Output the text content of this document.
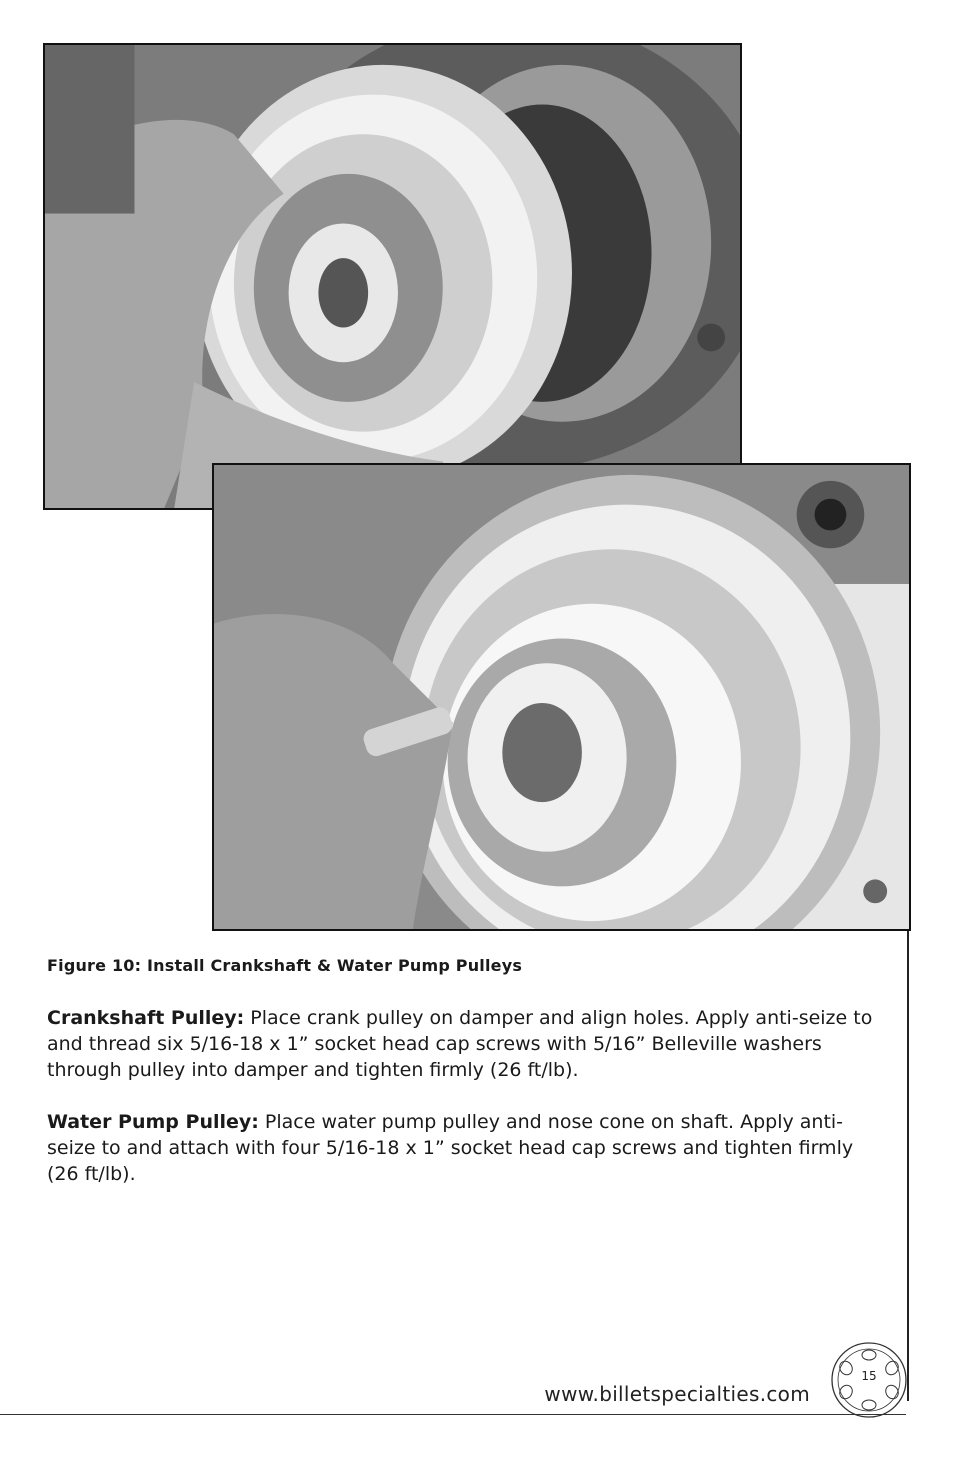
Figure 10: Install Crankshaft & Water Pump Pulleys

Crankshaft Pulley: Place crank pulley on damper and align holes. Apply anti-seize to and thread six 5/16-18 x 1” socket head cap screws with 5/16” Belleville washers through pulley into damper and tighten firmly (26 ft/lb).

Water Pump Pulley: Place water pump pulley and nose cone on shaft. Apply anti-seize to and attach with four 5/16-18 x 1” socket head cap screws and tighten firmly (26 ft/lb).

www.billetspecialties.com
15
